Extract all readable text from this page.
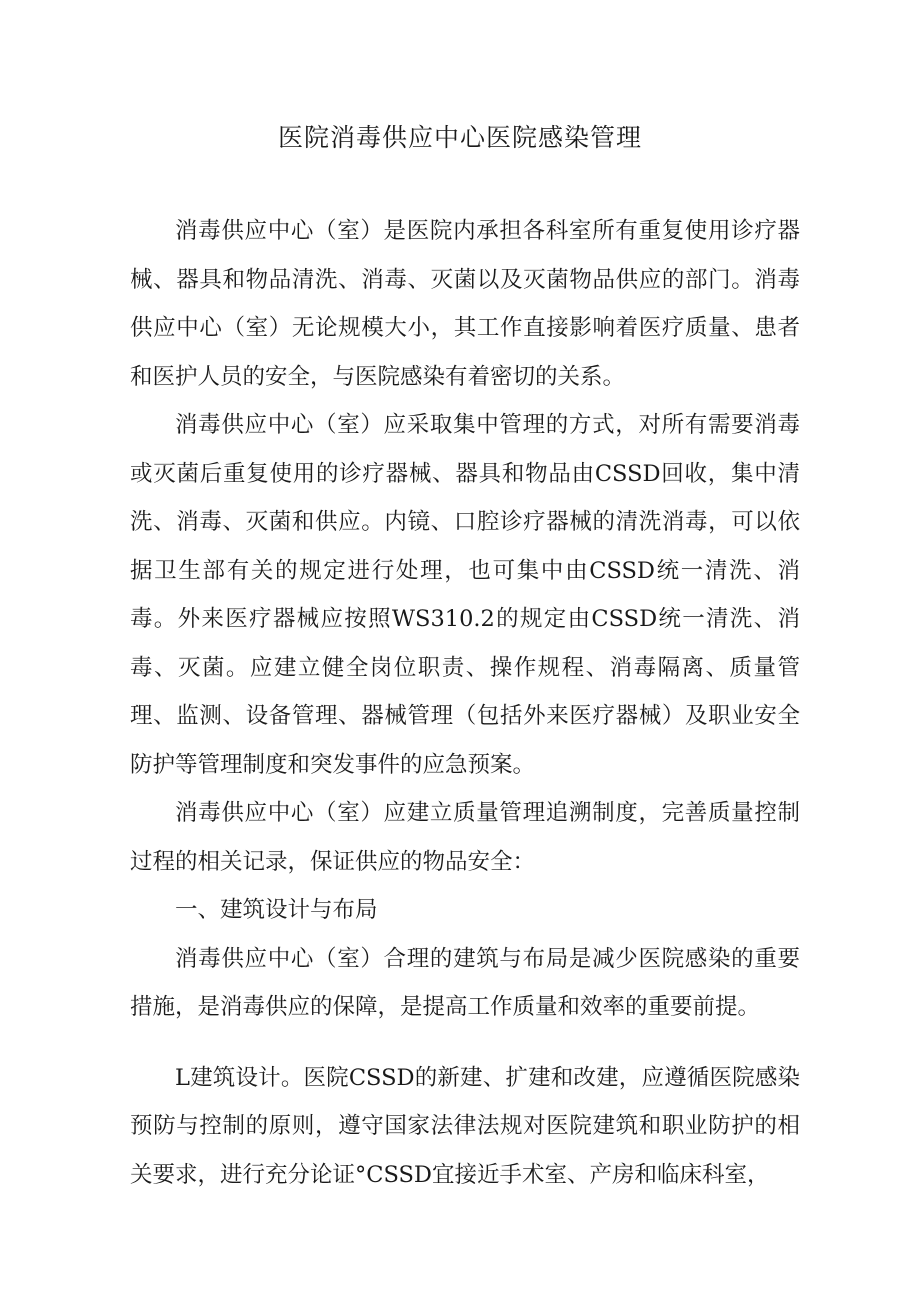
医院消毒供应中心医院感染管理

消毒供应中心（室）是医院内承担各科室所有重复使用诊疗器械、器具和物品清洗、消毒、灭菌以及灭菌物品供应的部门。消毒供应中心（室）无论规模大小，其工作直接影响着医疗质量、患者和医护人员的安全，与医院感染有着密切的关系。

消毒供应中心（室）应采取集中管理的方式，对所有需要消毒或灭菌后重复使用的诊疗器械、器具和物品由CSSD回收，集中清洗、消毒、灭菌和供应。内镜、口腔诊疗器械的清洗消毒，可以依据卫生部有关的规定进行处理，也可集中由CSSD统一清洗、消毒。外来医疗器械应按照WS310.2的规定由CSSD统一清洗、消毒、灭菌。应建立健全岗位职责、操作规程、消毒隔离、质量管理、监测、设备管理、器械管理（包括外来医疗器械）及职业安全防护等管理制度和突发事件的应急预案。

消毒供应中心（室）应建立质量管理追溯制度，完善质量控制过程的相关记录，保证供应的物品安全：

一、建筑设计与布局

消毒供应中心（室）合理的建筑与布局是减少医院感染的重要措施，是消毒供应的保障，是提高工作质量和效率的重要前提。

L建筑设计。医院CSSD的新建、扩建和改建，应遵循医院感染预防与控制的原则，遵守国家法律法规对医院建筑和职业防护的相关要求，进行充分论证°CSSD宜接近手术室、产房和临床科室，
